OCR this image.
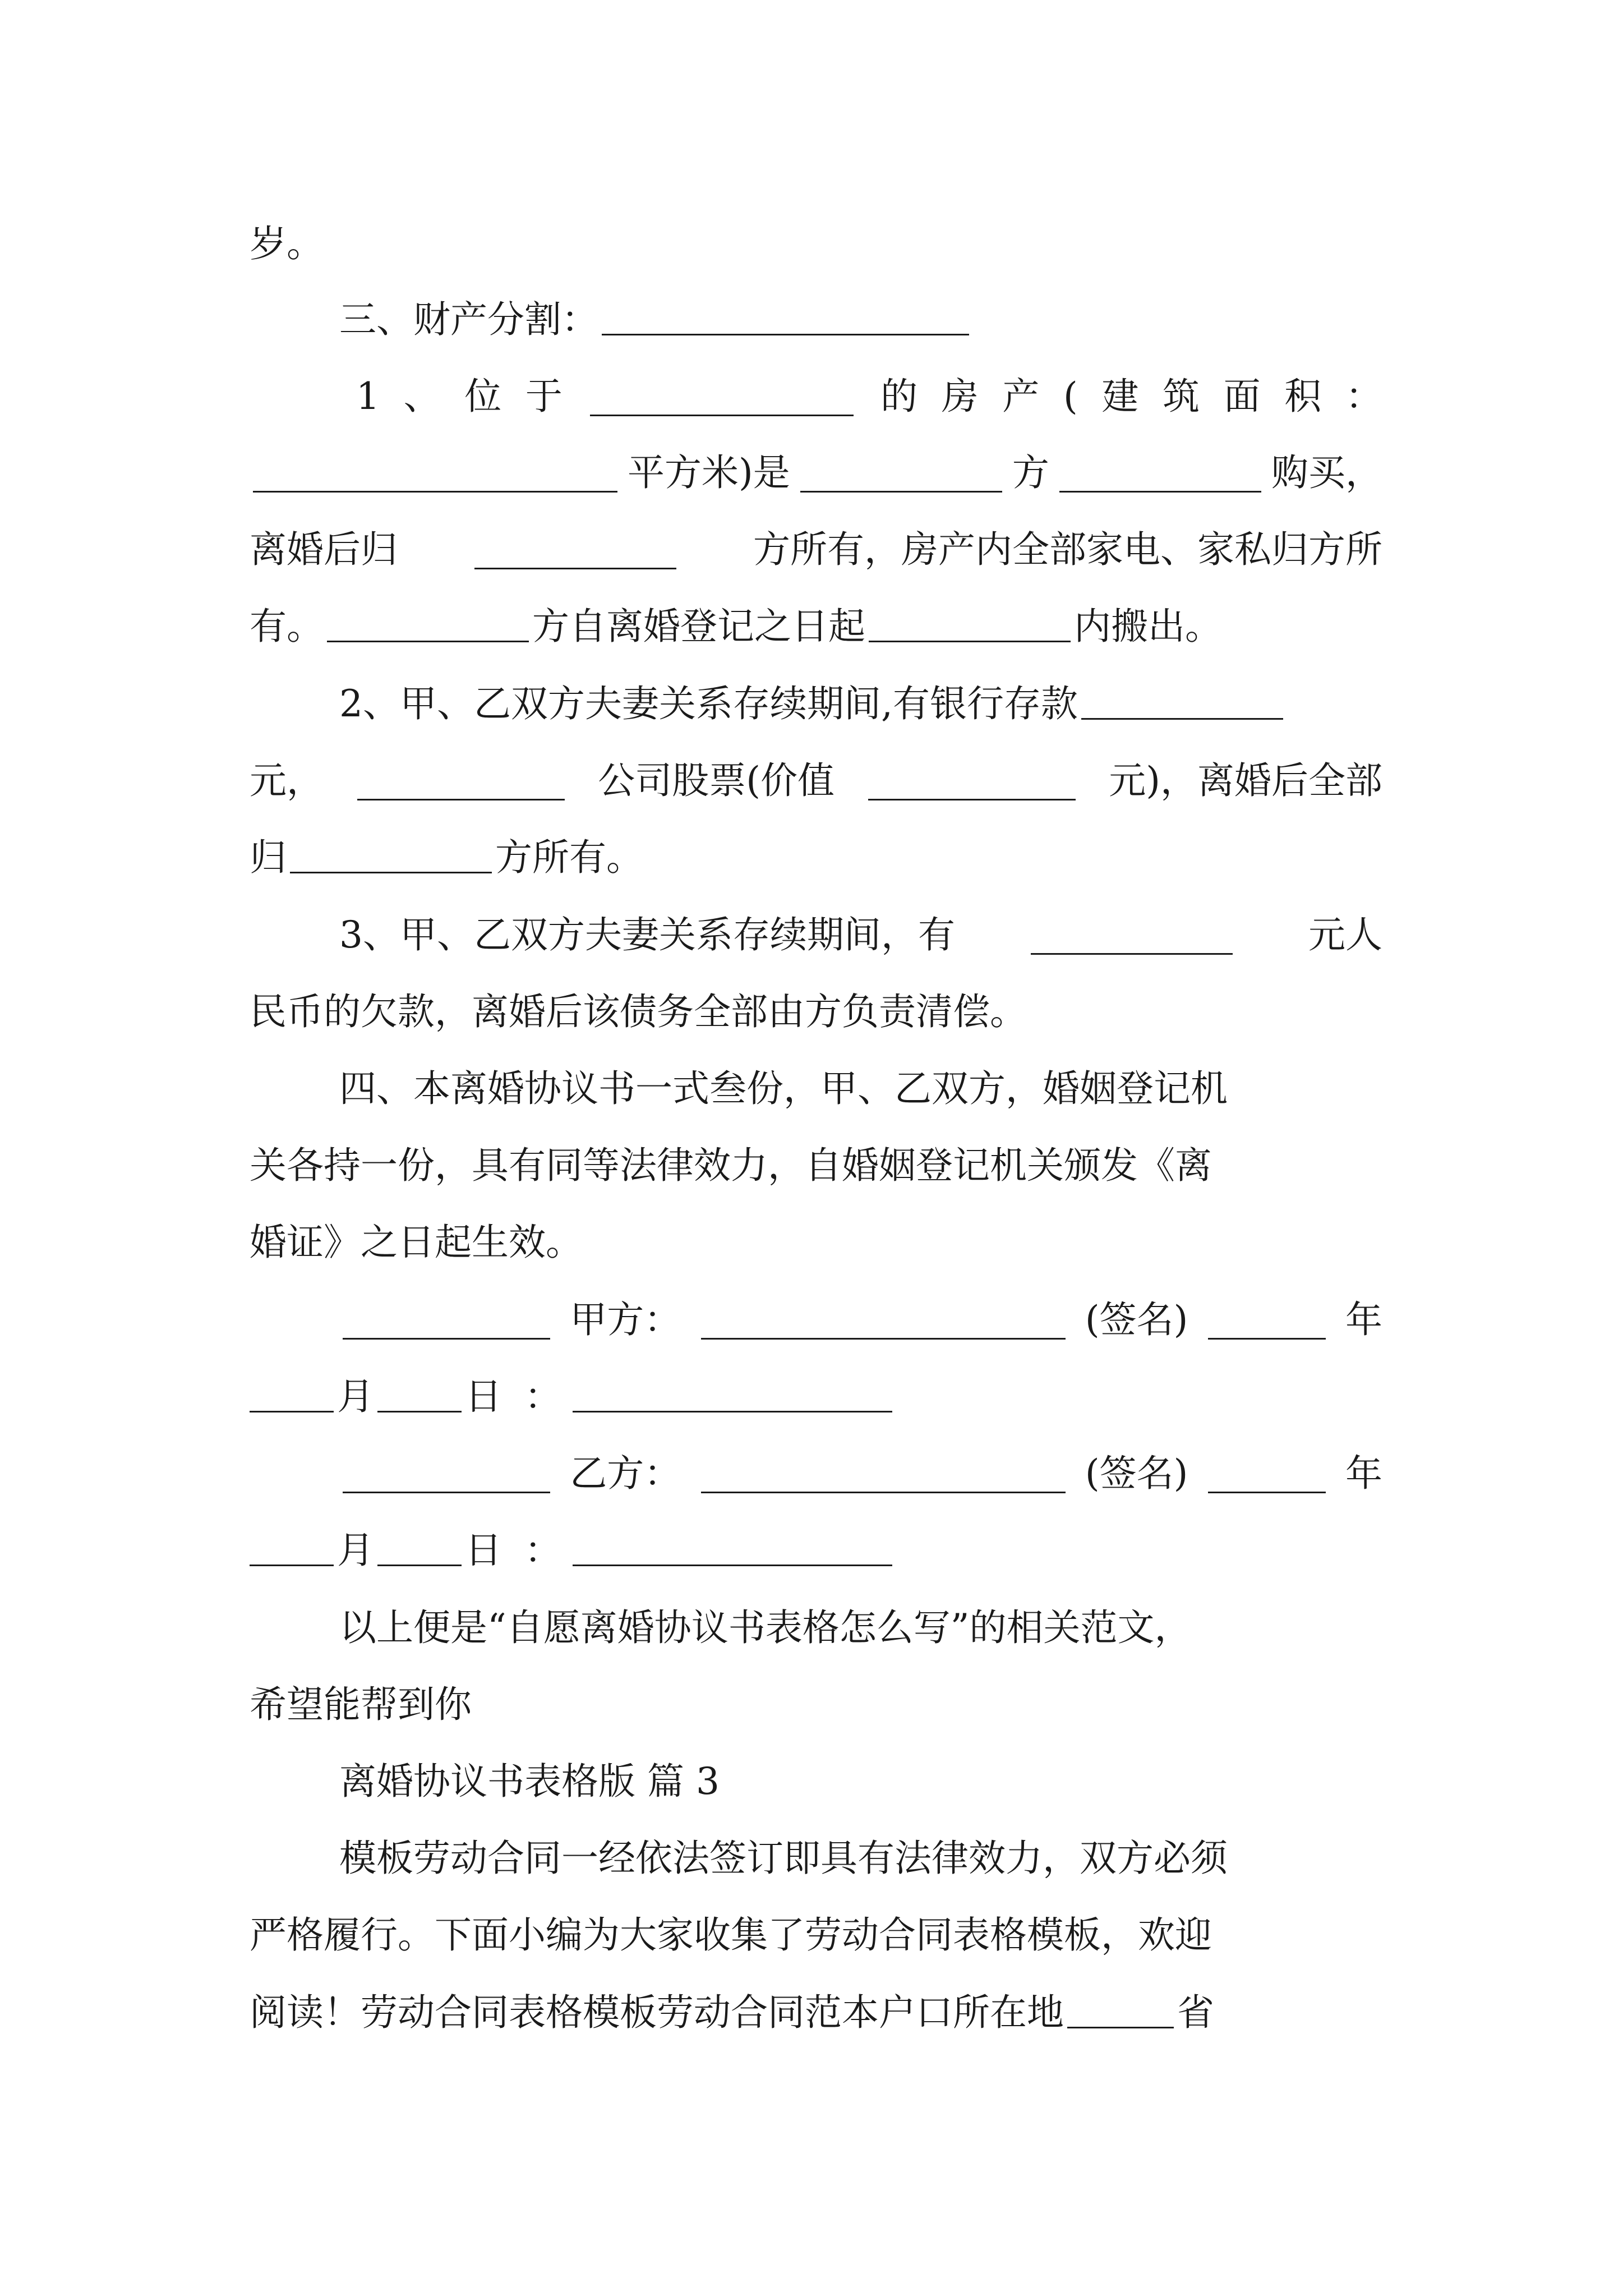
岁。
三、财产分割：
1 、 位 于	的 房 产 ( 建 筑 面 积 ：
平方米)是	方	购买，
离婚后归	方所有，房产内全部家电、家私归方所
有。	方自离婚登记之日起	内搬出。
2、甲、乙双方夫妻关系存续期间,有银行存款
元，	公司股票(价值	元)，离婚后全部
归	方所有。
3、甲、乙双方夫妻关系存续期间，有	元人
民币的欠款，离婚后该债务全部由方负责清偿。
四、本离婚协议书一式叁份，甲、乙双方，婚姻登记机
关各持一份，具有同等法律效力，自婚姻登记机关颁发《离
婚证》之日起生效。
甲方：	(签名)	年
月 日 ：
乙方：	(签名)	年
月 日 ：
以上便是“自愿离婚协议书表格怎么写”的相关范文，
希望能帮到你
离婚协议书表格版 篇 3
模板劳动合同一经依法签订即具有法律效力，双方必须
严格履行。下面小编为大家收集了劳动合同表格模板，欢迎
阅读！劳动合同表格模板劳动合同范本户口所在地	省
